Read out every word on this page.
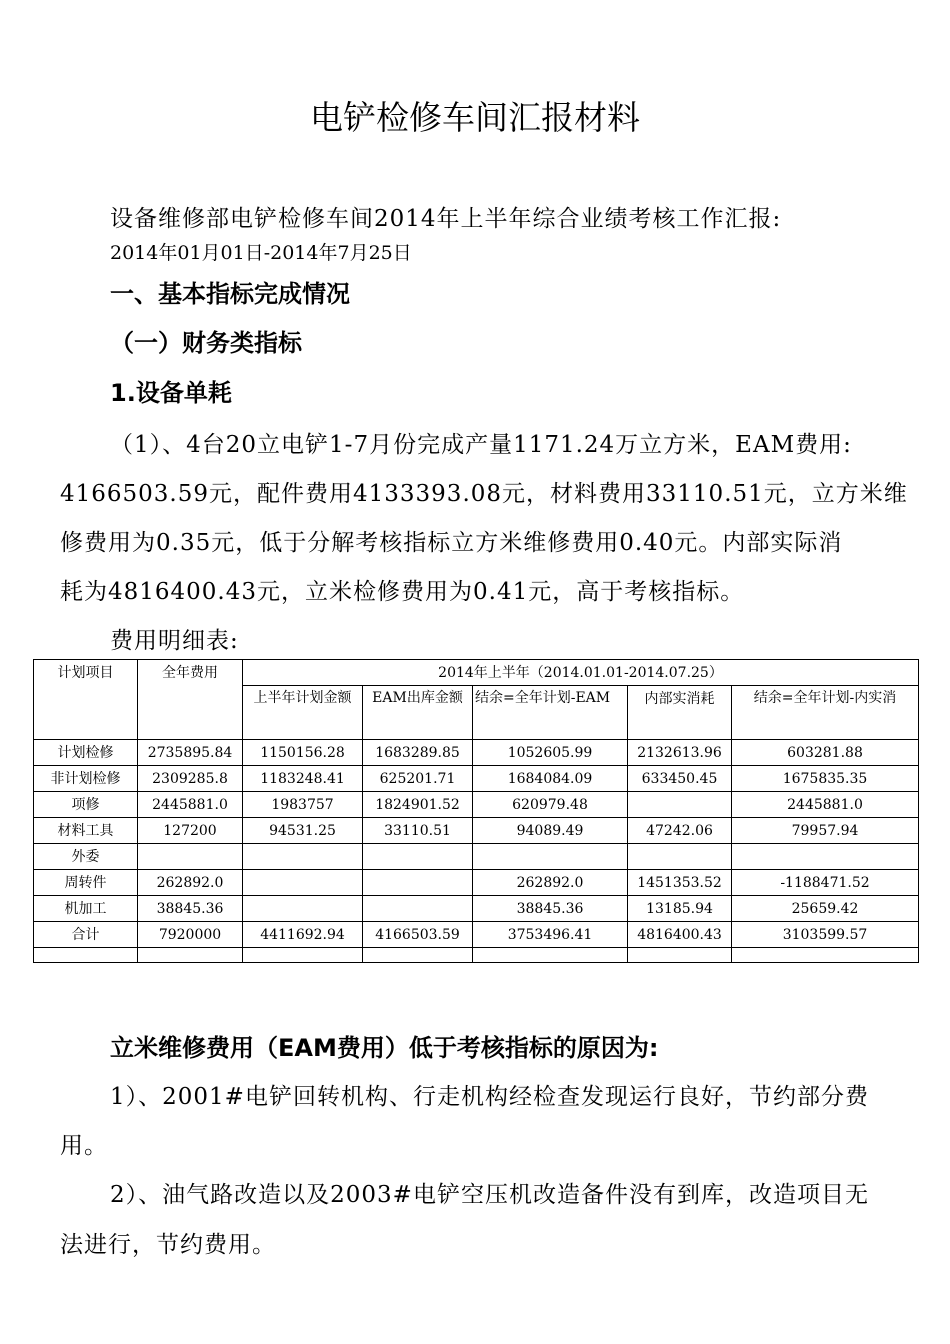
电铲检修车间汇报材料
设备维修部电铲检修车间2014年上半年综合业绩考核工作汇报:
2014年01月01日-2014年7月25日
一、基本指标完成情况
（一）财务类指标
1.设备单耗
（1）、4台20立电铲1-7月份完成产量1171.24万立方米，EAM费用:
4166503.59元，配件费用4133393.08元，材料费用33110.51元，立方米维
修费用为0.35元，低于分解考核指标立方米维修费用0.40元。内部实际消
耗为4816400.43元，立米检修费用为0.41元，高于考核指标。
费用明细表:
计划项目	全年费用	2014年上半年（2014.01.01-2014.07.25）				
		上半年计划金额	EAM出库金额	结余=全年计划-EAM	内部实消耗	结余=全年计划-内实消
计划检修	2735895.84	1150156.28	1683289.85	1052605.99	2132613.96	603281.88
非计划检修	2309285.8	1183248.41	625201.71	1684084.09	633450.45	1675835.35
项修	2445881.0	1983757	1824901.52	620979.48		2445881.0
材料工具	127200	94531.25	33110.51	94089.49	47242.06	79957.94
外委						
周转件	262892.0			262892.0	1451353.52	-1188471.52
机加工	38845.36			38845.36	13185.94	25659.42
合计	7920000	4411692.94	4166503.59	3753496.41	4816400.43	3103599.57

立米维修费用（EAM费用）低于考核指标的原因为:
1）、2001#电铲回转机构、行走机构经检查发现运行良好，节约部分费
用。
2）、油气路改造以及2003#电铲空压机改造备件没有到库，改造项目无
法进行，节约费用。
